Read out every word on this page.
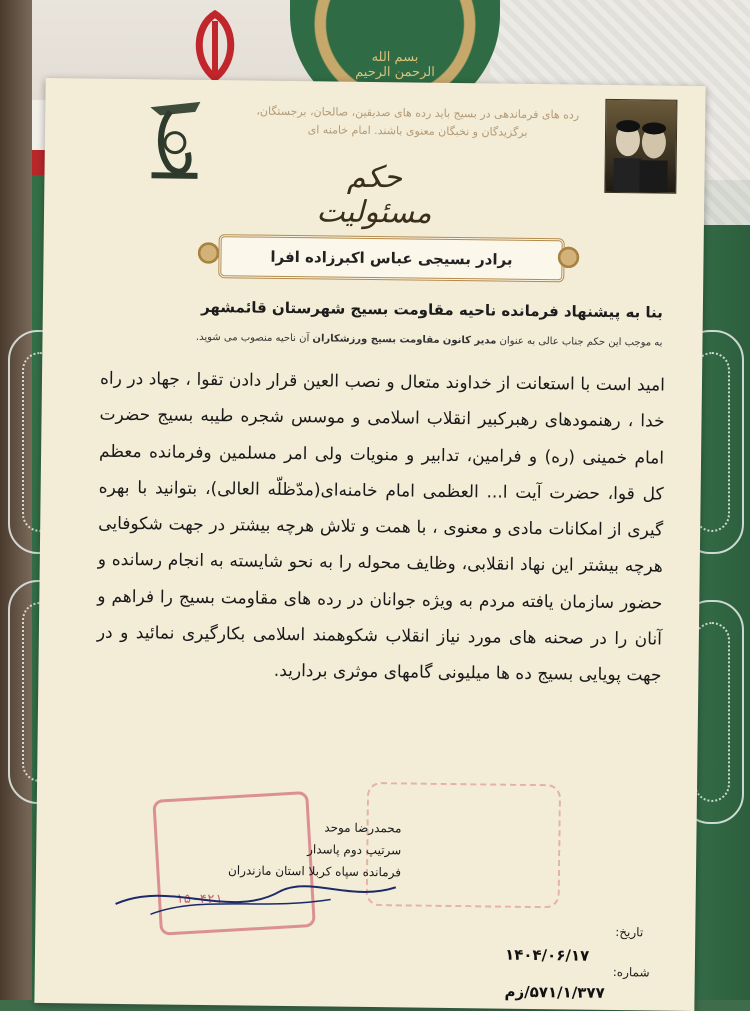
بسم الله الرحمن الرحیم
رده های فرماندهی در بسیج باید رده های صدیقین، صالحان، برجستگان، برگزیدگان و نخبگان معنوی باشند. امام خامنه ای
حکم مسئولیت
برادر بسیجی عباس اکبرزاده افرا
بنا به پیشنهاد فرمانده ناحیه مقاومت بسیج شهرستان قائمشهر
به موجب این حکم جناب عالی به عنوان مدیر کانون مقاومت بسیج ورزشکاران آن ناحیه منصوب می شوید.
امید است با استعانت از خداوند متعال و نصب العین قرار دادن تقوا ، جهاد در راه خدا ، رهنمودهای رهبرکبیر انقلاب اسلامی و موسس شجره طیبه بسیج حضرت امام خمینی (ره) و فرامین، تدابیر و منویات ولی امر مسلمین وفرمانده معظم کل قوا، حضرت آیت ا... العظمی امام خامنه‌ای(مدّظلّه العالی)، بتوانید با بهره گیری از امکانات مادی و معنوی ، با همت و تلاش هرچه بیشتر در جهت شکوفایی هرچه بیشتر این نهاد انقلابی، وظایف محوله را به نحو شایسته به انجام رسانده و حضور سازمان یافته مردم به ویژه جوانان در رده های مقاومت بسیج را فراهم و آنان را در صحنه های مورد نیاز انقلاب شکوهمند اسلامی بکارگیری نمائید و در جهت پویایی بسیج ده ها میلیونی گامهای موثری بردارید.
۱۵۰۴۲۱
محمدرضا موحد
سرتیپ دوم پاسدار
فرمانده سپاه کربلا استان مازندران
تاریخ:
۱۴۰۴/۰۶/۱۷
شماره:
۵۷۱/۱/۳۷۷/زم
